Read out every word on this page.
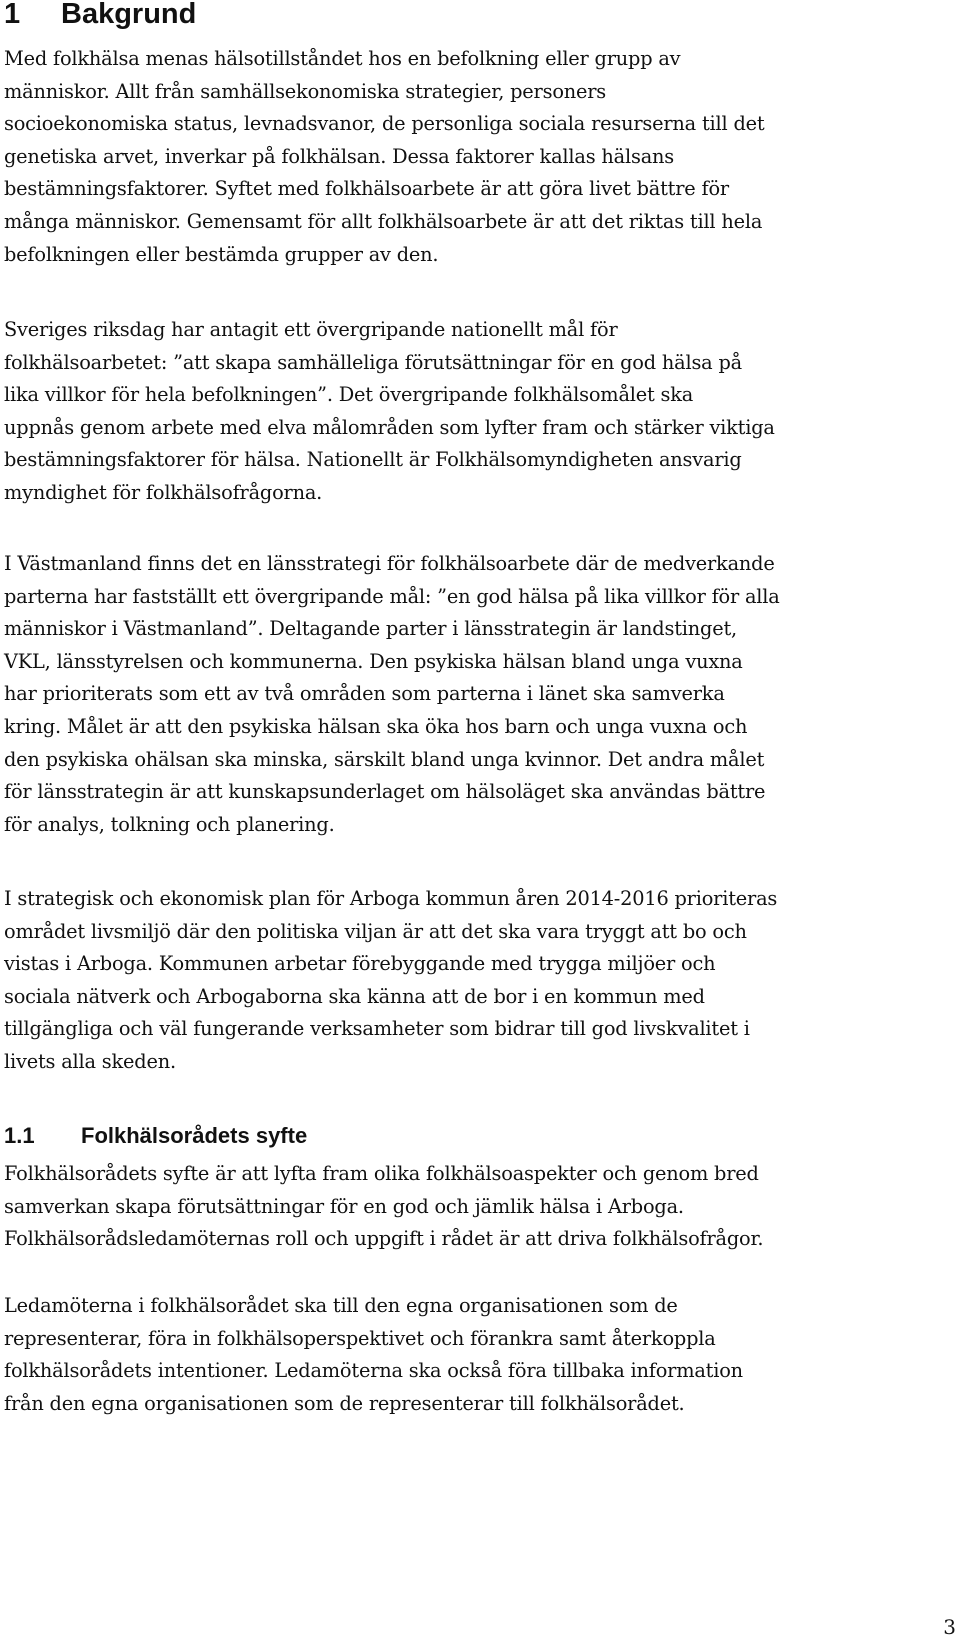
1 Bakgrund

Med folkhälsa menas hälsotillståndet hos en befolkning eller grupp av
människor. Allt från samhällsekonomiska strategier, personers
socioekonomiska status, levnadsvanor, de personliga sociala resurserna till det
genetiska arvet, inverkar på folkhälsan. Dessa faktorer kallas hälsans
bestämningsfaktorer. Syftet med folkhälsoarbete är att göra livet bättre för
många människor. Gemensamt för allt folkhälsoarbete är att det riktas till hela
befolkningen eller bestämda grupper av den.

Sveriges riksdag har antagit ett övergripande nationellt mål för
folkhälsoarbetet: ”att skapa samhälleliga förutsättningar för en god hälsa på
lika villkor för hela befolkningen”. Det övergripande folkhälsomålet ska
uppnås genom arbete med elva målområden som lyfter fram och stärker viktiga
bestämningsfaktorer för hälsa. Nationellt är Folkhälsomyndigheten ansvarig
myndighet för folkhälsofrågorna.

I Västmanland finns det en länsstrategi för folkhälsoarbete där de medverkande
parterna har fastställt ett övergripande mål: ”en god hälsa på lika villkor för alla
människor i Västmanland”. Deltagande parter i länsstrategin är landstinget,
VKL, länsstyrelsen och kommunerna. Den psykiska hälsan bland unga vuxna
har prioriterats som ett av två områden som parterna i länet ska samverka
kring. Målet är att den psykiska hälsan ska öka hos barn och unga vuxna och
den psykiska ohälsan ska minska, särskilt bland unga kvinnor. Det andra målet
för länsstrategin är att kunskapsunderlaget om hälsoläget ska användas bättre
för analys, tolkning och planering.

I strategisk och ekonomisk plan för Arboga kommun åren 2014-2016 prioriteras
området livsmiljö där den politiska viljan är att det ska vara tryggt att bo och
vistas i Arboga. Kommunen arbetar förebyggande med trygga miljöer och
sociala nätverk och Arbogaborna ska känna att de bor i en kommun med
tillgängliga och väl fungerande verksamheter som bidrar till god livskvalitet i
livets alla skeden.

1.1 Folkhälsorådets syfte

Folkhälsorådets syfte är att lyfta fram olika folkhälsoaspekter och genom bred
samverkan skapa förutsättningar för en god och jämlik hälsa i Arboga.
Folkhälsorådsledamöternas roll och uppgift i rådet är att driva folkhälsofrågor.

Ledamöterna i folkhälsorådet ska till den egna organisationen som de
representerar, föra in folkhälsoperspektivet och förankra samt återkoppla
folkhälsorådets intentioner. Ledamöterna ska också föra tillbaka information
från den egna organisationen som de representerar till folkhälsorådet.

3
